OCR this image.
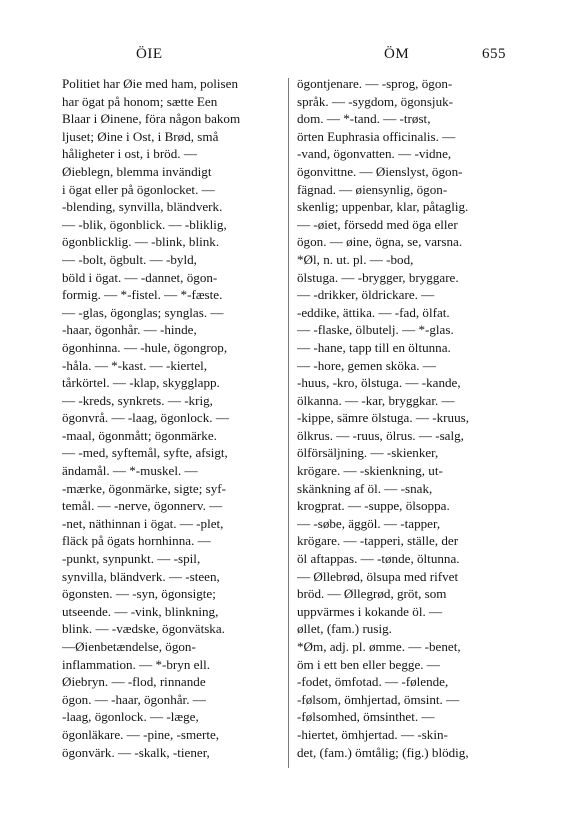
ÖIE	ÖM	655
Politiet har Øie med ham, polisen
har ögat på honom; sætte Een
Blaar i Øinene, föra någon bakom
ljuset; Øine i Ost, i Brød, små
håligheter i ost, i bröd. —
Øieblegn, blemma invändigt
i ögat eller på ögonlocket. —
-blending, synvilla, bländverk.
— -blik, ögonblick. — -bliklig,
ögonblicklig. — -blink, blink.
— -bolt, ögbult. — -byld,
böld i ögat. — -dannet, ögon-
formig. — *-fistel. — *-fæste.
— -glas, ögonglas; synglas. —
-haar, ögonhår. — -hinde,
ögonhinna. — -hule, ögongrop,
-håla. — *-kast. — -kiertel,
tårkörtel. — -klap, skygglapp.
— -kreds, synkrets. — -krig,
ögonvrå. — -laag, ögonlock. —
-maal, ögonmått; ögonmärke.
— -med, syftemål, syfte, afsigt,
ändamål. — *-muskel. —
-mærke, ögonmärke, sigte; syf-
temål. — -nerve, ögonnerv. —
-net, näthinnan i ögat. — -plet,
fläck på ögats hornhinna. —
-punkt, synpunkt. — -spil,
synvilla, bländverk. — -steen,
ögonsten. — -syn, ögonsigte;
utseende. — -vink, blinkning,
blink. — -vædske, ögonvätska.
—Øienbetændelse, ögon-
inflammation. — *-bryn ell.
Øiebryn. — -flod, rinnande
ögon. — -haar, ögonhår. —
-laag, ögonlock. — -læge,
ögonläkare. — -pine, -smerte,
ögonvärk. — -skalk, -tiener,
ögontjenare. — -sprog, ögon-
språk. — -sygdom, ögonsjuk-
dom. — *-tand. — -trøst,
örten Euphrasia officinalis. —
-vand, ögonvatten. — -vidne,
ögonvittne. — Øienslyst, ögon-
fägnad. — øiensynlig, ögon-
skenlig; uppenbar, klar, påtaglig.
— -øiet, försedd med öga eller
ögon. — øine, ögna, se, varsna.
*Øl, n. ut. pl. — -bod,
ölstuga. — -brygger, bryggare.
— -drikker, öldrickare. —
-eddike, ättika. — -fad, ölfat.
— -flaske, ölbutelj. — *-glas.
— -hane, tapp till en öltunna.
— -hore, gemen sköka. —
-huus, -kro, ölstuga. — -kande,
ölkanna. — -kar, bryggkar. —
-kippe, sämre ölstuga. — -kruus,
ölkrus. — -ruus, ölrus. — -salg,
ölförsäljning. — -skienker,
krögare. — -skienkning, ut-
skänkning af öl. — -snak,
krogprat. — -suppe, ölsoppa.
— -søbe, äggöl. — -tapper,
krögare. — -tapperi, ställe, der
öl aftappas. — -tønde, öltunna.
— Øllebrød, ölsupa med rifvet
bröd. — Øllegrød, gröt, som
uppvärmes i kokande öl. —
øllet, (fam.) rusig.
*Øm, adj. pl. ømme. — -benet,
öm i ett ben eller begge. —
-fodet, ömfotad. — -følende,
-følsom, ömhjertad, ömsint. —
-følsomhed, ömsinthet. —
-hiertet, ömhjertad. — -skin-
det, (fam.) ömtålig; (fig.) blödig,
